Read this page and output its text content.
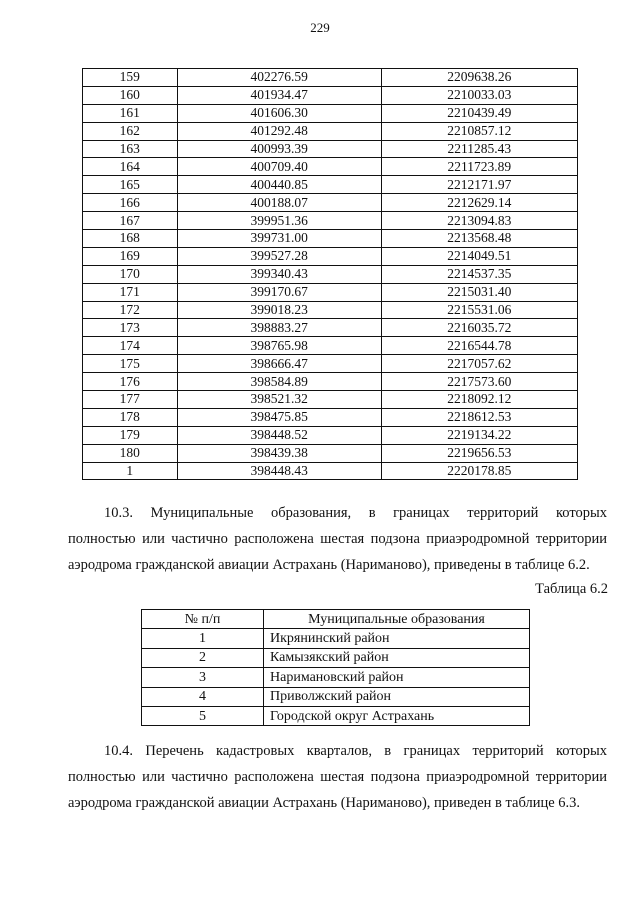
229
159	402276.59	2209638.26
160	401934.47	2210033.03
161	401606.30	2210439.49
162	401292.48	2210857.12
163	400993.39	2211285.43
164	400709.40	2211723.89
165	400440.85	2212171.97
166	400188.07	2212629.14
167	399951.36	2213094.83
168	399731.00	2213568.48
169	399527.28	2214049.51
170	399340.43	2214537.35
171	399170.67	2215031.40
172	399018.23	2215531.06
173	398883.27	2216035.72
174	398765.98	2216544.78
175	398666.47	2217057.62
176	398584.89	2217573.60
177	398521.32	2218092.12
178	398475.85	2218612.53
179	398448.52	2219134.22
180	398439.38	2219656.53
1	398448.43	2220178.85

10.3. Муниципальные образования, в границах территорий которых
полностью или частично расположена шестая подзона приаэродромной территории аэродрома гражданской авиации Астрахань (Нариманово), приведены в таблице 6.2.

Таблица 6.2
№ п/п	Муниципальные образования
1	Икрянинский район
2	Камызякский район
3	Наримановский район
4	Приволжский район
5	Городской округ Астрахань

10.4. Перечень кадастровых кварталов, в границах территорий которых
полностью или частично расположена шестая подзона приаэродромной территории аэродрома гражданской авиации Астрахань (Нариманово), приведен в таблице 6.3.
